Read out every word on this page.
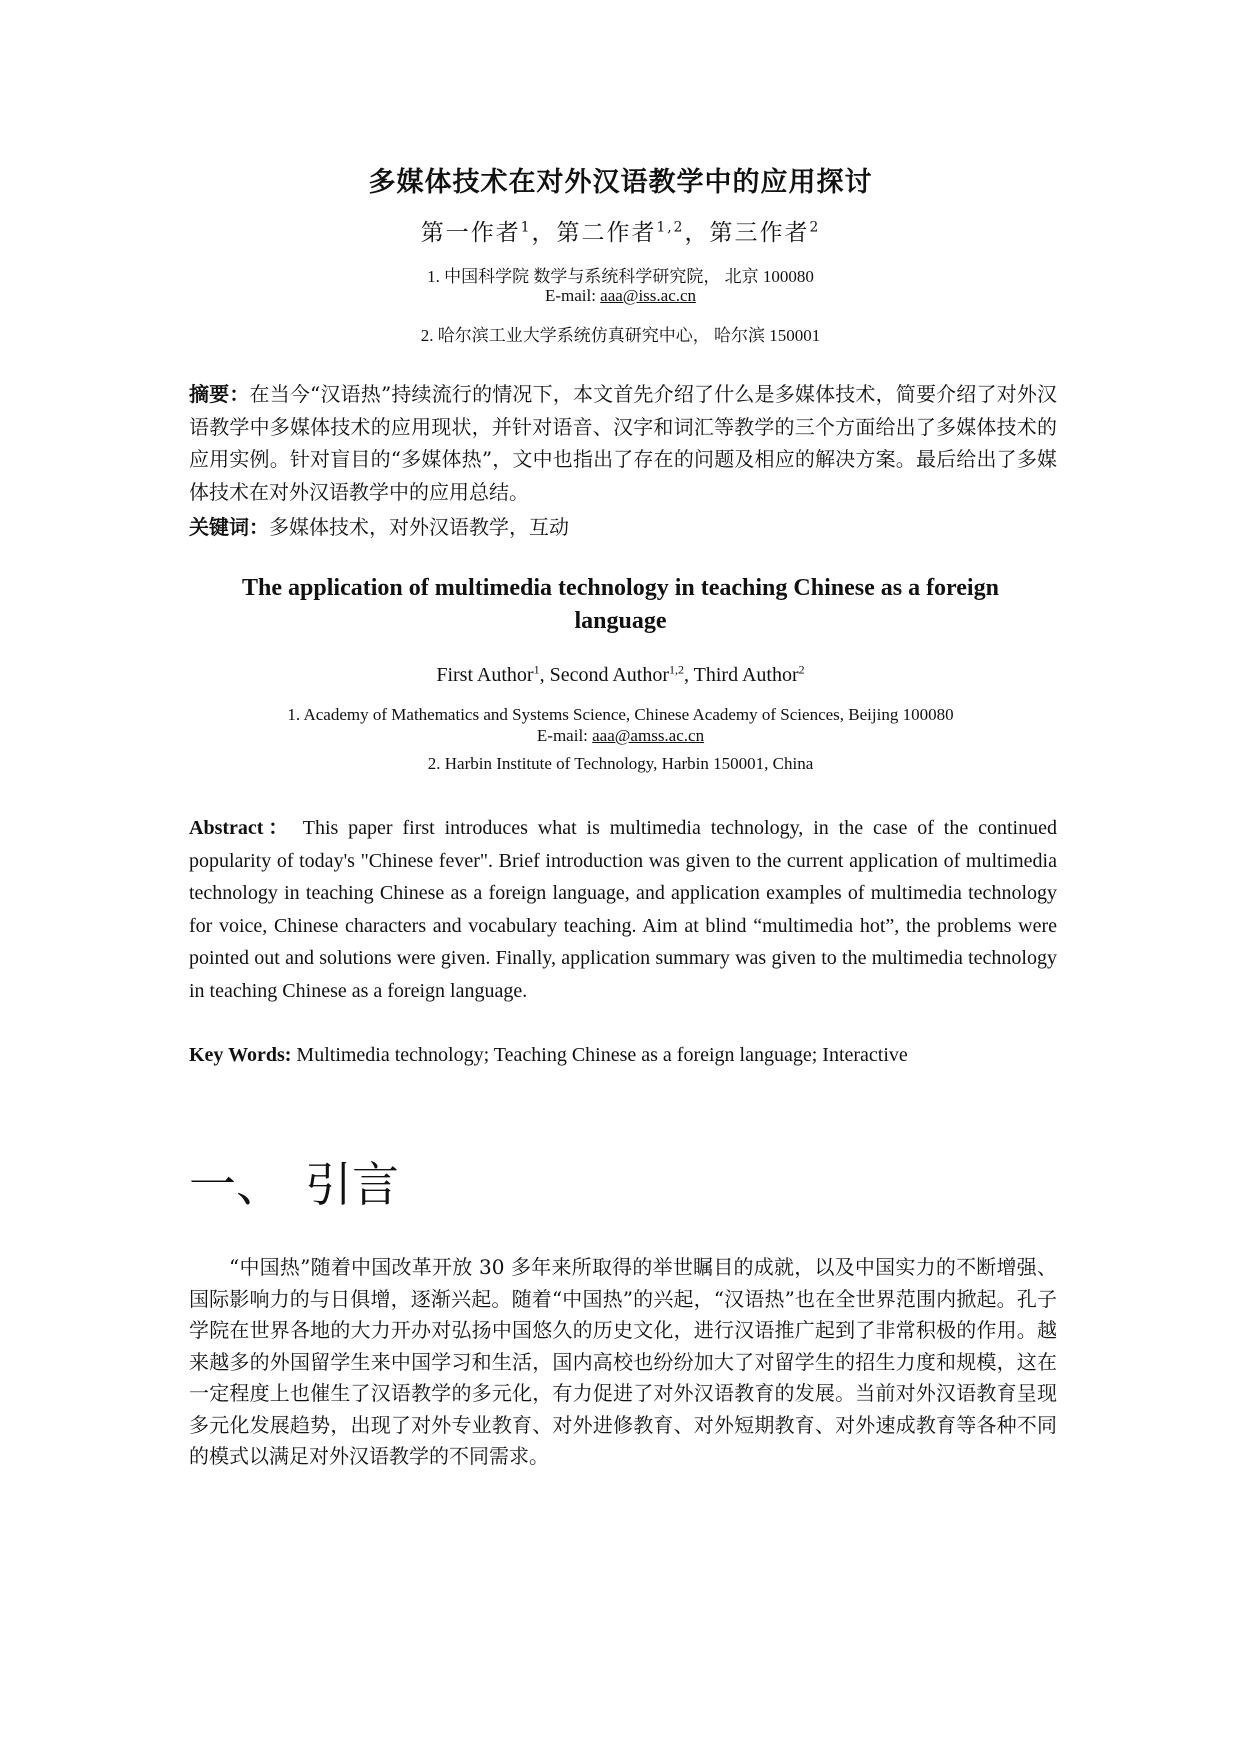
多媒体技术在对外汉语教学中的应用探讨
第一作者$^1$，第二作者$^{1,2}$，第三作者$^2$
1. 中国科学院 数学与系统科学研究院， 北京 100080
E-mail: aaa@iss.ac.cn
2. 哈尔滨工业大学系统仿真研究中心， 哈尔滨 150001
摘要：在当今“汉语热”持续流行的情况下，本文首先介绍了什么是多媒体技术，简要介绍了对外汉语教学中多媒体技术的应用现状，并针对语音、汉字和词汇等教学的三个方面给出了多媒体技术的应用实例。针对盲目的“多媒体热”，文中也指出了存在的问题及相应的解决方案。最后给出了多媒体技术在对外汉语教学中的应用总结。
关键词：多媒体技术，对外汉语教学，互动
The application of multimedia technology in teaching Chinese as a foreign language
First Author$^1$, Second Author$^{1,2}$, Third Author$^2$
1. Academy of Mathematics and Systems Science, Chinese Academy of Sciences, Beijing 100080
E-mail: aaa@amss.ac.cn
2. Harbin Institute of Technology, Harbin 150001, China
Abstract： This paper first introduces what is multimedia technology, in the case of the continued popularity of today's "Chinese fever". Brief introduction was given to the current application of multimedia technology in teaching Chinese as a foreign language, and application examples of multimedia technology for voice, Chinese characters and vocabulary teaching. Aim at blind “multimedia hot”, the problems were pointed out and solutions were given. Finally, application summary was given to the multimedia technology in teaching Chinese as a foreign language.
Key Words: Multimedia technology; Teaching Chinese as a foreign language; Interactive
一、 引言
“中国热”随着中国改革开放 30 多年来所取得的举世瞩目的成就，以及中国实力的不断增强、国际影响力的与日俱增，逐渐兴起。随着“中国热”的兴起，“汉语热”也在全世界范围内掀起。孔子学院在世界各地的大力开办对弘扬中国悠久的历史文化，进行汉语推广起到了非常积极的作用。越来越多的外国留学生来中国学习和生活，国内高校也纷纷加大了对留学生的招生力度和规模，这在一定程度上也催生了汉语教学的多元化，有力促进了对外汉语教育的发展。当前对外汉语教育呈现多元化发展趋势，出现了对外专业教育、对外进修教育、对外短期教育、对外速成教育等各种不同的模式以满足对外汉语教学的不同需求。
